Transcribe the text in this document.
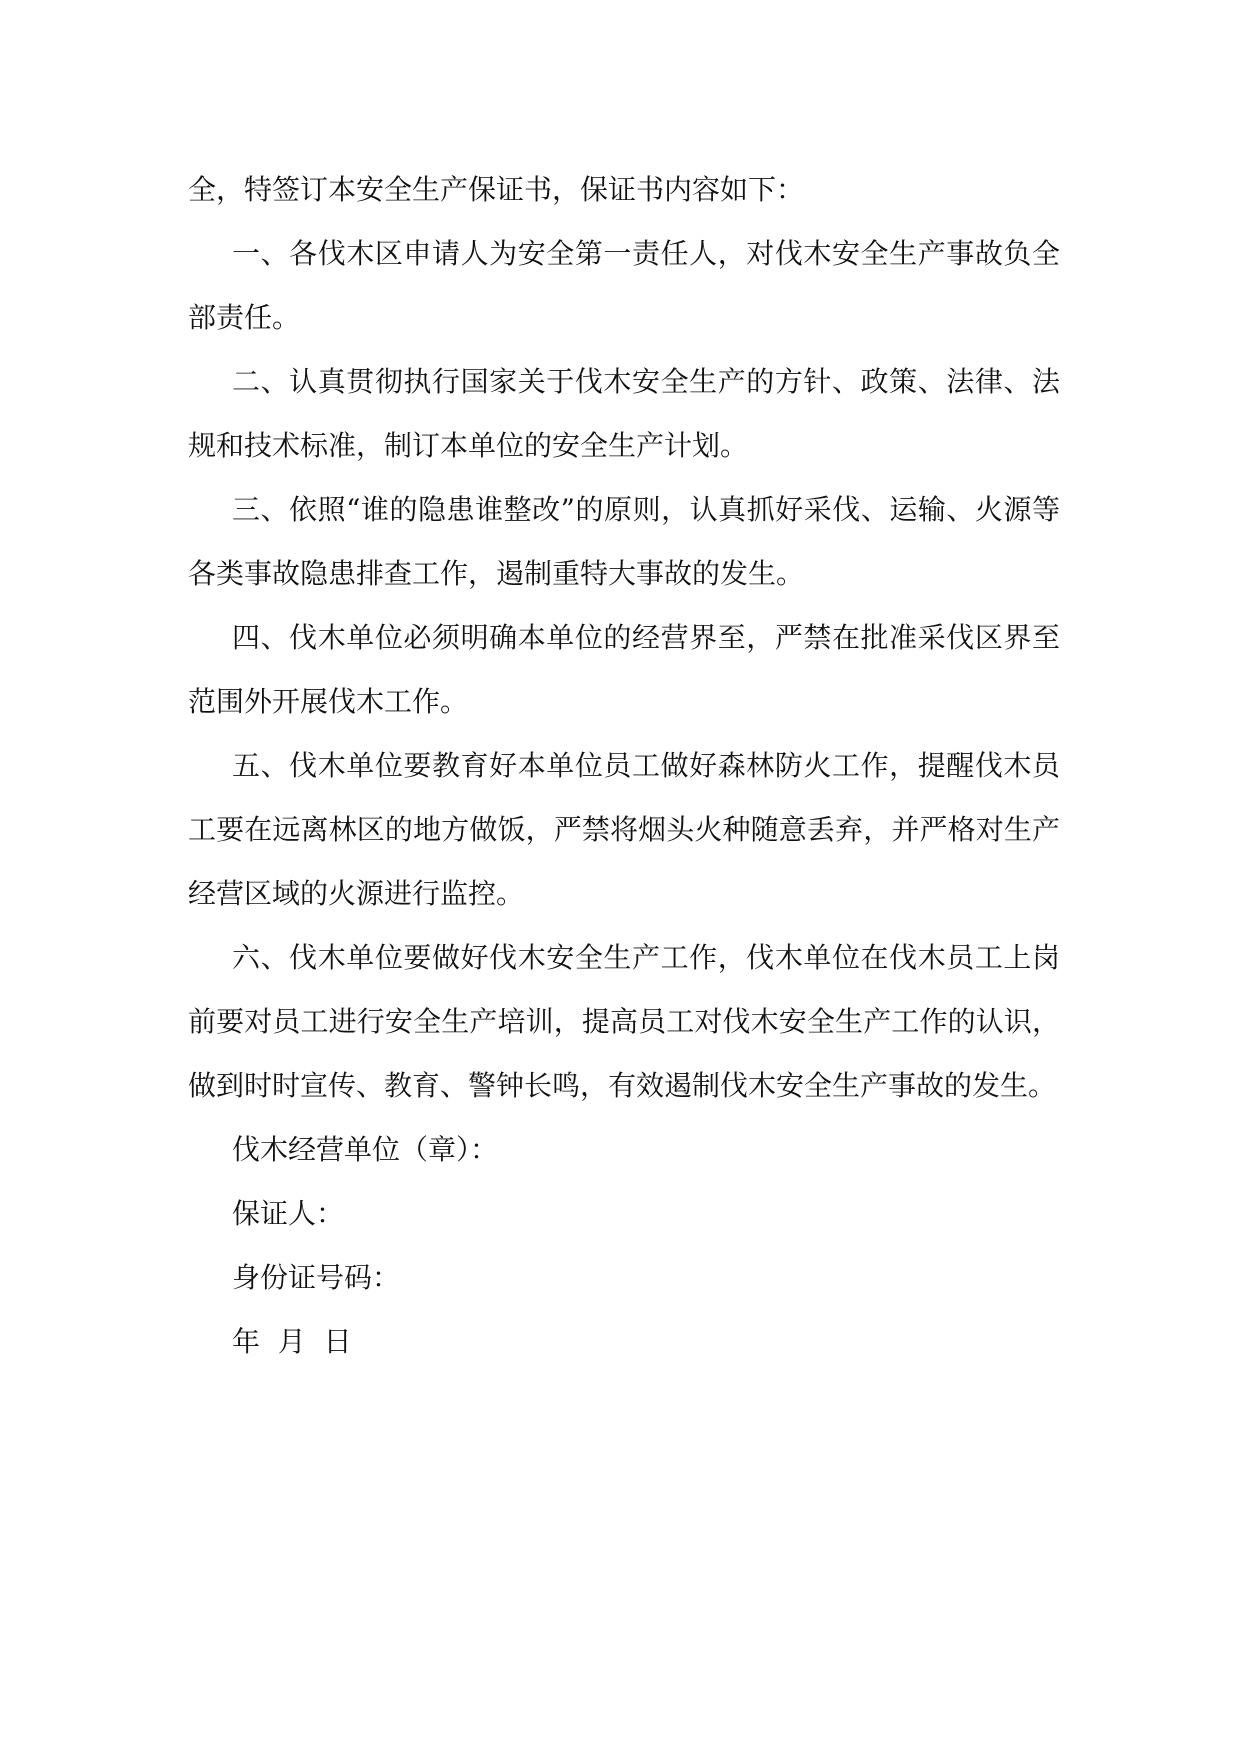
全，特签订本安全生产保证书，保证书内容如下：

一、各伐木区申请人为安全第一责任人，对伐木安全生产事故负全部责任。

二、认真贯彻执行国家关于伐木安全生产的方针、政策、法律、法规和技术标准，制订本单位的安全生产计划。

三、依照“谁的隐患谁整改”的原则，认真抓好采伐、运输、火源等各类事故隐患排查工作，遏制重特大事故的发生。

四、伐木单位必须明确本单位的经营界至，严禁在批准采伐区界至范围外开展伐木工作。

五、伐木单位要教育好本单位员工做好森林防火工作，提醒伐木员工要在远离林区的地方做饭，严禁将烟头火种随意丢弃，并严格对生产经营区域的火源进行监控。

六、伐木单位要做好伐木安全生产工作，伐木单位在伐木员工上岗前要对员工进行安全生产培训，提高员工对伐木安全生产工作的认识，做到时时宣传、教育、警钟长鸣，有效遏制伐木安全生产事故的发生。

伐木经营单位（章）：

保证人：

身份证号码：

年  月  日
